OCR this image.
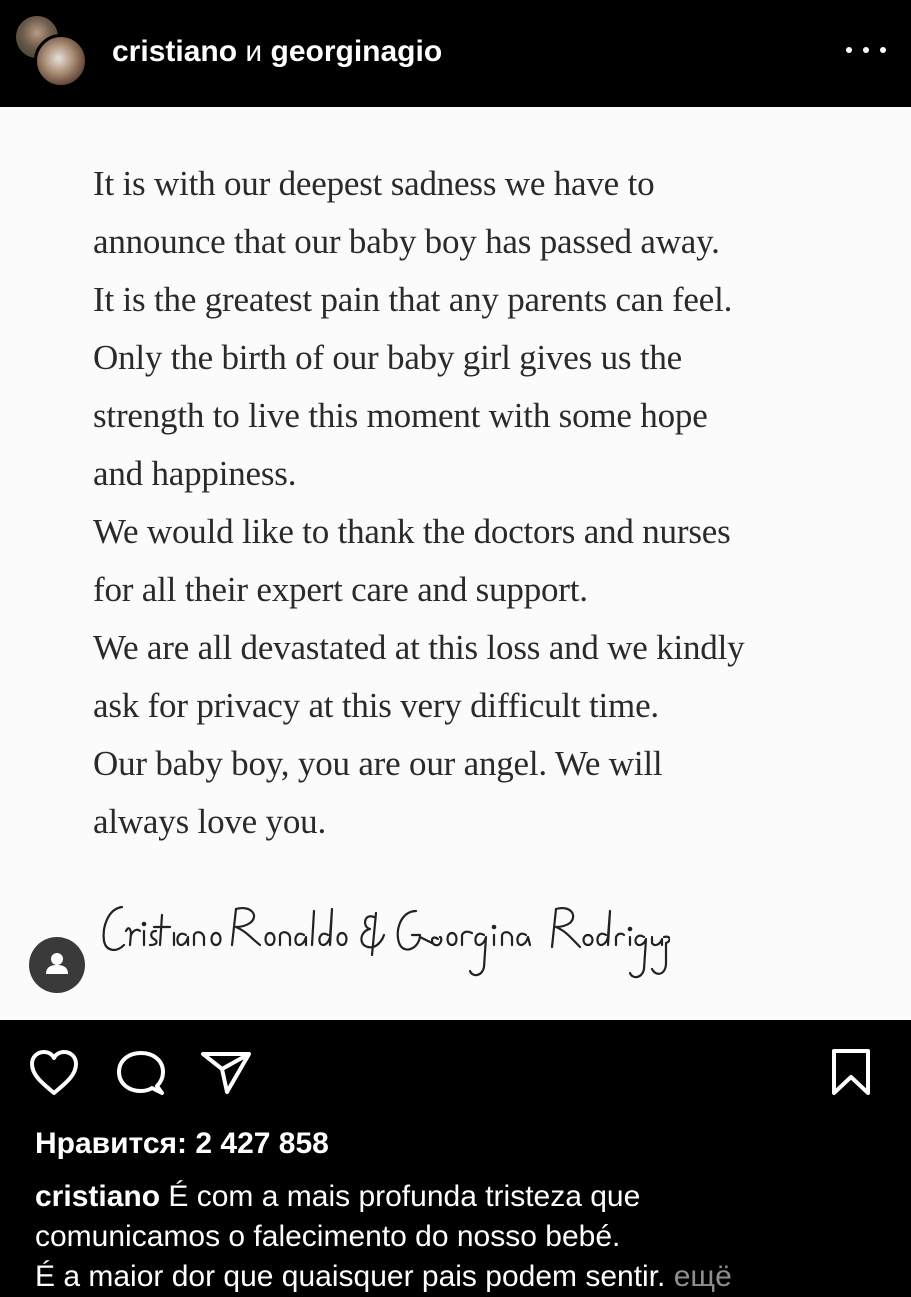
cristiano и georginagio
It is with our deepest sadness we have to
announce that our baby boy has passed away.
It is the greatest pain that any parents can feel.
Only the birth of our baby girl gives us the
strength to live this moment with some hope
and happiness.
We would like to thank the doctors and nurses
for all their expert care and support.
We are all devastated at this loss and we kindly
ask for privacy at this very difficult time.
Our baby boy, you are our angel. We will
always love you.
Нравится: 2 427 858
cristiano É com a mais profunda tristeza que
comunicamos o falecimento do nosso bebé.
É a maior dor que quaisquer pais podem sentir. ещё
